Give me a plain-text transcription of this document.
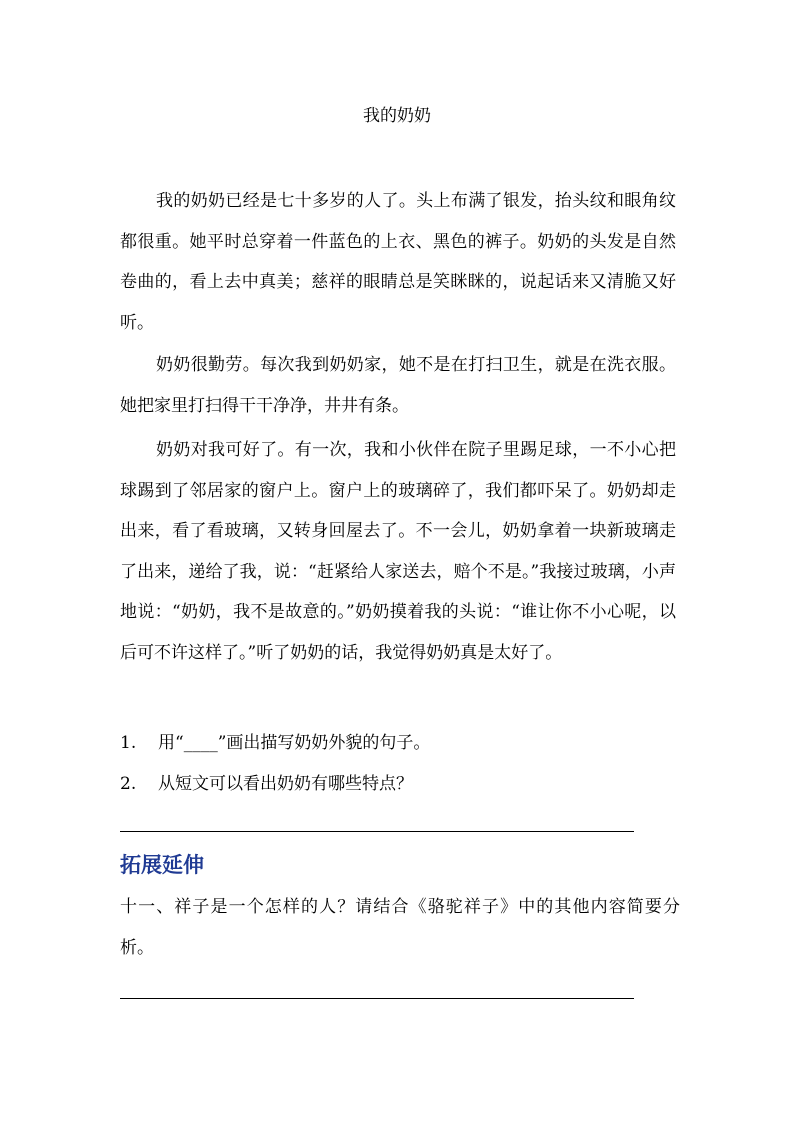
我的奶奶

我的奶奶已经是七十多岁的人了。头上布满了银发，抬头纹和眼角纹都很重。她平时总穿着一件蓝色的上衣、黑色的裤子。奶奶的头发是自然卷曲的，看上去中真美；慈祥的眼睛总是笑眯眯的，说起话来又清脆又好听。

奶奶很勤劳。每次我到奶奶家，她不是在打扫卫生，就是在洗衣服。她把家里打扫得干干净净，井井有条。

奶奶对我可好了。有一次，我和小伙伴在院子里踢足球，一不小心把球踢到了邻居家的窗户上。窗户上的玻璃碎了，我们都吓呆了。奶奶却走出来，看了看玻璃，又转身回屋去了。不一会儿，奶奶拿着一块新玻璃走了出来，递给了我，说：“赶紧给人家送去，赔个不是。”我接过玻璃，小声地说：“奶奶，我不是故意的。”奶奶摸着我的头说：“谁让你不小心呢，以后可不许这样了。”听了奶奶的话，我觉得奶奶真是太好了。

1. 用“____”画出描写奶奶外貌的句子。
2. 从短文可以看出奶奶有哪些特点？
拓展延伸

十一、祥子是一个怎样的人？请结合《骆驼祥子》中的其他内容简要分析。
